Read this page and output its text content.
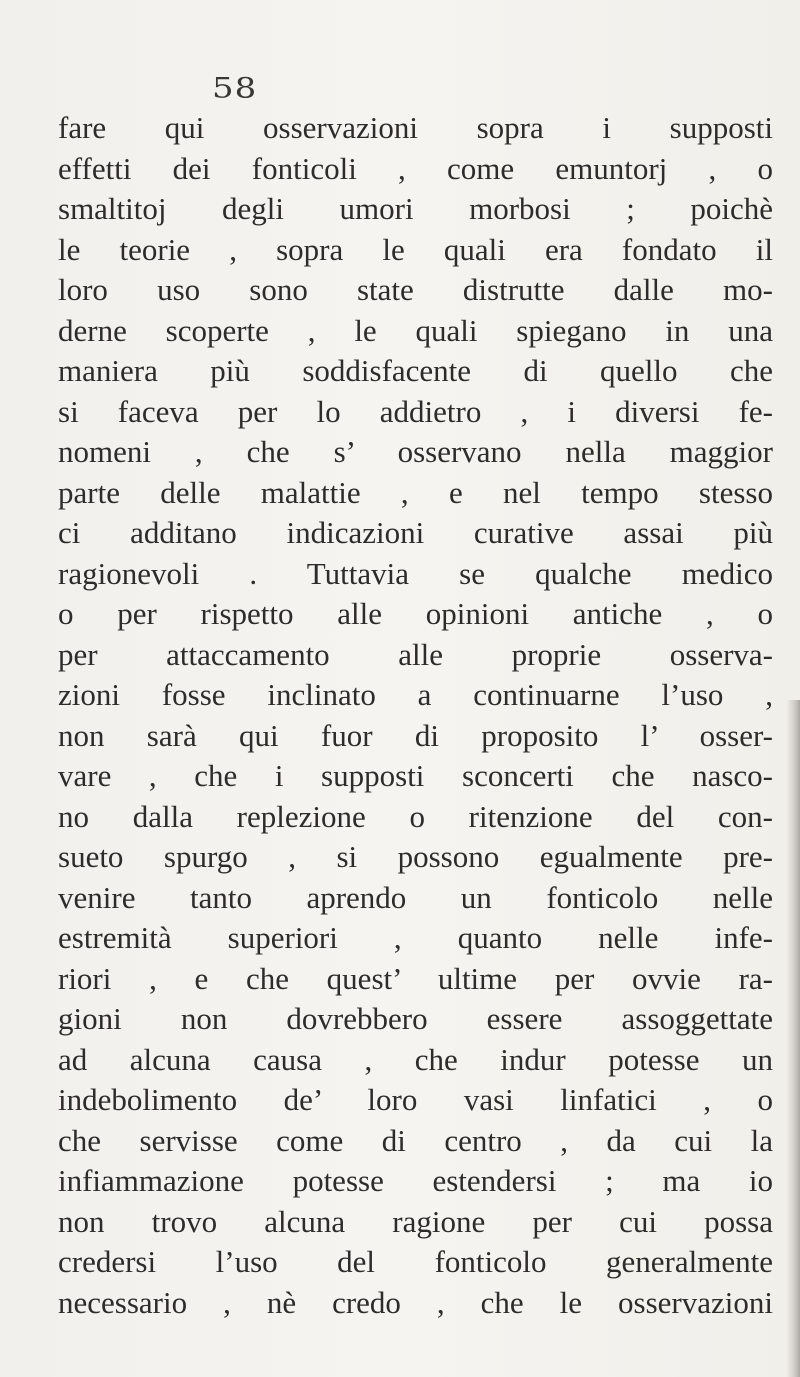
58
fare qui osservazioni sopra i supposti
effetti dei fonticoli , come emuntorj , o
smaltitoj degli umori morbosi ; poichè
le teorie , sopra le quali era fondato il
loro uso sono state distrutte dalle mo-
derne scoperte , le quali spiegano in una
maniera più soddisfacente di quello che
si faceva per lo addietro , i diversi fe-
nomeni , che s’ osservano nella maggior
parte delle malattie , e nel tempo stesso
ci additano indicazioni curative assai più
ragionevoli . Tuttavia se qualche medico
o per rispetto alle opinioni antiche , o
per attaccamento alle proprie osserva-
zioni fosse inclinato a continuarne l’uso ,
non sarà qui fuor di proposito l’ osser-
vare , che i supposti sconcerti che nasco-
no dalla replezione o ritenzione del con-
sueto spurgo , si possono egualmente pre-
venire tanto aprendo un fonticolo nelle
estremità superiori , quanto nelle infe-
riori , e che quest’ ultime per ovvie ra-
gioni non dovrebbero essere assoggettate
ad alcuna causa , che indur potesse un
indebolimento de’ loro vasi linfatici , o
che servisse come di centro , da cui la
infiammazione potesse estendersi ; ma io
non trovo alcuna ragione per cui possa
credersi l’uso del fonticolo generalmente
necessario , nè credo , che le osservazioni
